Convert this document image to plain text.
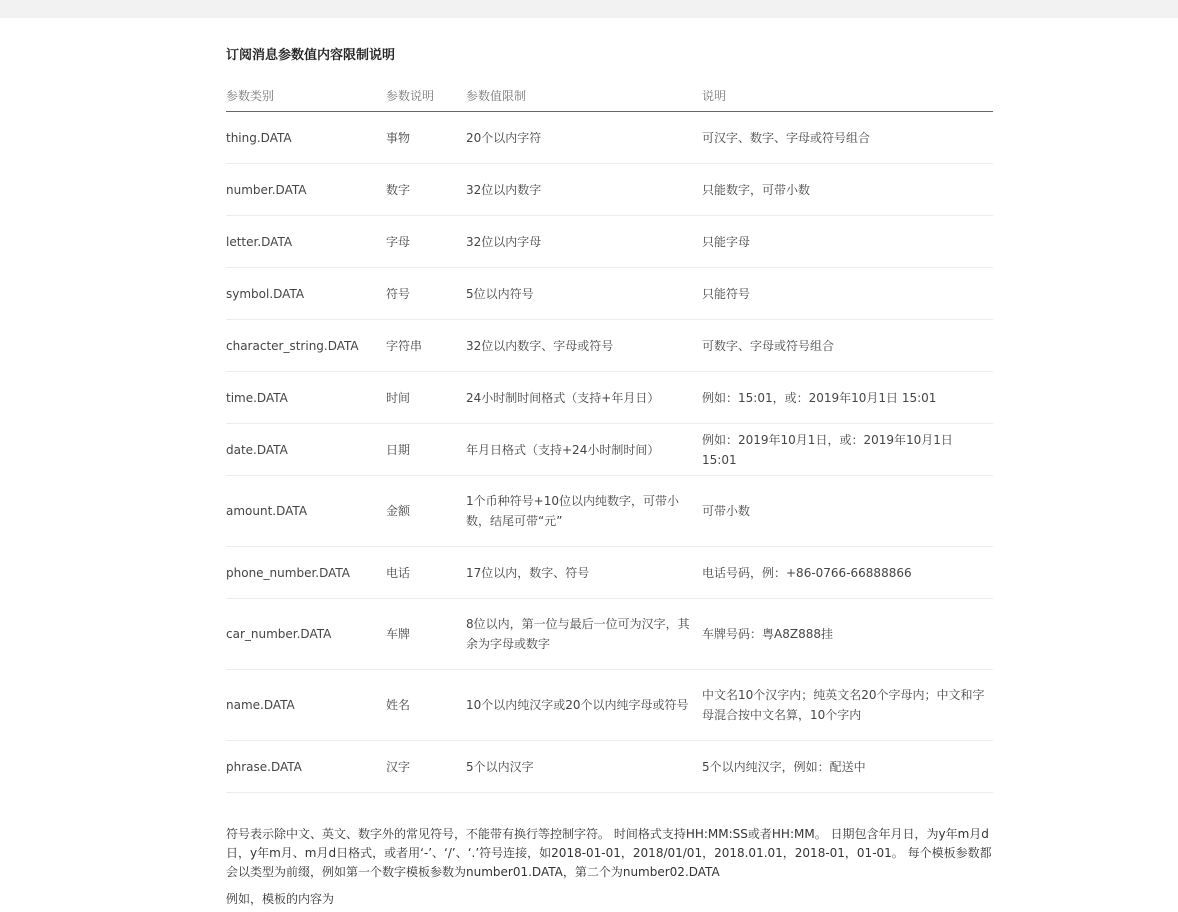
订阅消息参数值内容限制说明
参数类别	参数说明	参数值限制	说明
thing.DATA	事物	20个以内字符	可汉字、数字、字母或符号组合
number.DATA	数字	32位以内数字	只能数字，可带小数
letter.DATA	字母	32位以内字母	只能字母
symbol.DATA	符号	5位以内符号	只能符号
character_string.DATA	字符串	32位以内数字、字母或符号	可数字、字母或符号组合
time.DATA	时间	24小时制时间格式（支持+年月日）	例如：15:01，或：2019年10月1日 15:01
date.DATA	日期	年月日格式（支持+24小时制时间）	例如：2019年10月1日，或：2019年10月1日 15:01
amount.DATA	金额	1个币种符号+10位以内纯数字，可带小数，结尾可带“元”	可带小数
phone_number.DATA	电话	17位以内，数字、符号	电话号码，例：+86-0766-66888866
car_number.DATA	车牌	8位以内，第一位与最后一位可为汉字，其余为字母或数字	车牌号码：粤A8Z888挂
name.DATA	姓名	10个以内纯汉字或20个以内纯字母或符号	中文名10个汉字内；纯英文名20个字母内；中文和字母混合按中文名算，10个字内
phrase.DATA	汉字	5个以内汉字	5个以内纯汉字，例如：配送中

符号表示除中文、英文、数字外的常见符号，不能带有换行等控制字符。 时间格式支持HH:MM:SS或者HH:MM。 日期包含年月日，为y年m月d日，y年m月、m月d日格式，或者用‘-’、‘/’、‘.’符号连接，如2018-01-01，2018/01/01，2018.01.01，2018-01，01-01。 每个模板参数都会以类型为前缀，例如第一个数字模板参数为number01.DATA，第二个为number02.DATA

例如，模板的内容为
